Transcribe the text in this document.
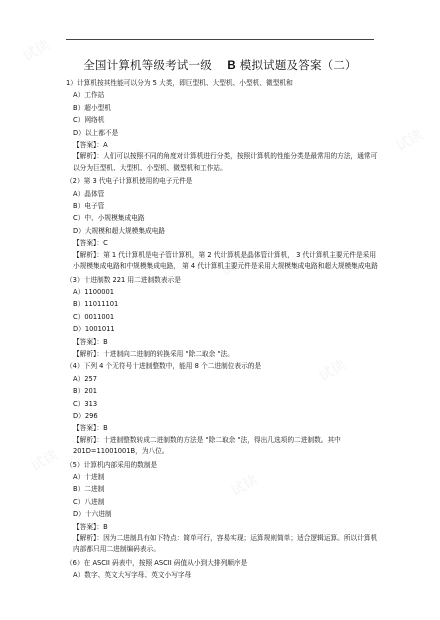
试读
试读
试读
试读
试读
试读
试读
试读
全国计算机等级考试一级 B 模拟试题及答案（二）
1）计算机按其性能可以分为 5 大类，即巨型机、大型机、小型机、微型机和
A）工作站
B）超小型机
C）网络机
D）以上都不是
【答案】：A
【解析】：人们可以按照不同的角度对计算机进行分类，按照计算机的性能分类是最常用的方法，通常可以分为巨型机、大型机、小型机、微型机和工作站。
（2）第 3 代电子计算机使用的电子元件是
A）晶体管
B）电子管
C）中、小规模集成电路
D）大规模和超大规模集成电路
【答案】：C
【解析】：第 1 代计算机是电子管计算机，第 2 代计算机是晶体管计算机， 3 代计算机主要元件是采用小规模集成电路和中规模集成电路， 第 4 代计算机主要元件是采用大规模集成电路和超大规模集成电路
（3）十进制数 221 用二进制数表示是
A）1100001
B）11011101
C）0011001
D）1001011
【答案】：B
【解析】：十进制向二进制的转换采用 "除二取余 "法。
（4）下列 4 个无符号十进制整数中，能用 8 个二进制位表示的是
A）257
B）201
C）313
D）296
【答案】：B
【解析】：十进制整数转成二进制数的方法是 "除二取余 "法，得出几选项的二进制数。其中 201D=11001001B，为八位。
（5）计算机内部采用的数制是
A）十进制
B）二进制
C）八进制
D）十六进制
【答案】：B
【解析】：因为二进制具有如下特点：简单可行，容易实现；运算规则简单；适合逻辑运算。所以计算机内部都只用二进制编码表示。
（6）在 ASCII 码表中，按照 ASCII 码值从小到大排列顺序是
A）数字、英文大写字母、英文小写字母
